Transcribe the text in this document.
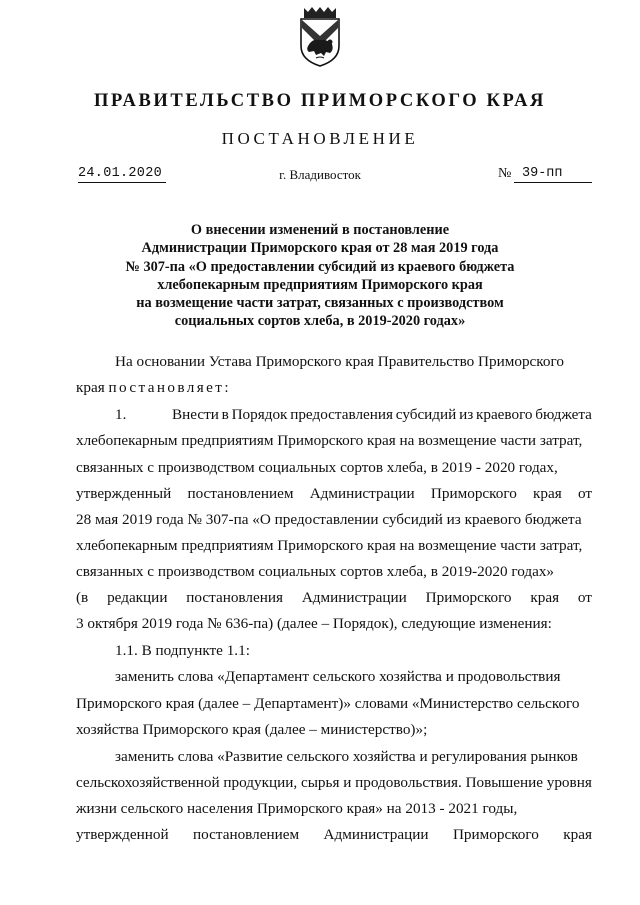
ПРАВИТЕЛЬСТВО ПРИМОРСКОГО КРАЯ
ПОСТАНОВЛЕНИЕ
24.01.2020	г. Владивосток	№ 39-пп
О внесении изменений в постановление
Администрации Приморского края от 28 мая 2019 года
№ 307-па «О предоставлении субсидий из краевого бюджета
хлебопекарным предприятиям Приморского края
на возмещение части затрат, связанных с производством
социальных сортов хлеба, в 2019-2020 годах»
На основании Устава Приморского края Правительство Приморского
края постановляет:
1.	Внести в Порядок предоставления субсидий из краевого бюджета
хлебопекарным предприятиям Приморского края на возмещение части затрат,
связанных с производством социальных сортов хлеба, в 2019 - 2020 годах,
утвержденный постановлением Администрации Приморского края от
28 мая 2019 года № 307-па «О предоставлении субсидий из краевого бюджета
хлебопекарным предприятиям Приморского края на возмещение части затрат,
связанных с производством социальных сортов хлеба, в 2019-2020 годах»
(в редакции постановления Администрации Приморского края от
3 октября 2019 года № 636-па) (далее – Порядок), следующие изменения:
1.1. В подпункте 1.1:
заменить слова «Департамент сельского хозяйства и продовольствия
Приморского края (далее – Департамент)» словами «Министерство сельского
хозяйства Приморского края (далее – министерство)»;
заменить слова «Развитие сельского хозяйства и регулирования рынков
сельскохозяйственной продукции, сырья и продовольствия. Повышение уровня
жизни сельского населения Приморского края» на 2013 - 2021 годы,
утвержденной постановлением Администрации Приморского края
